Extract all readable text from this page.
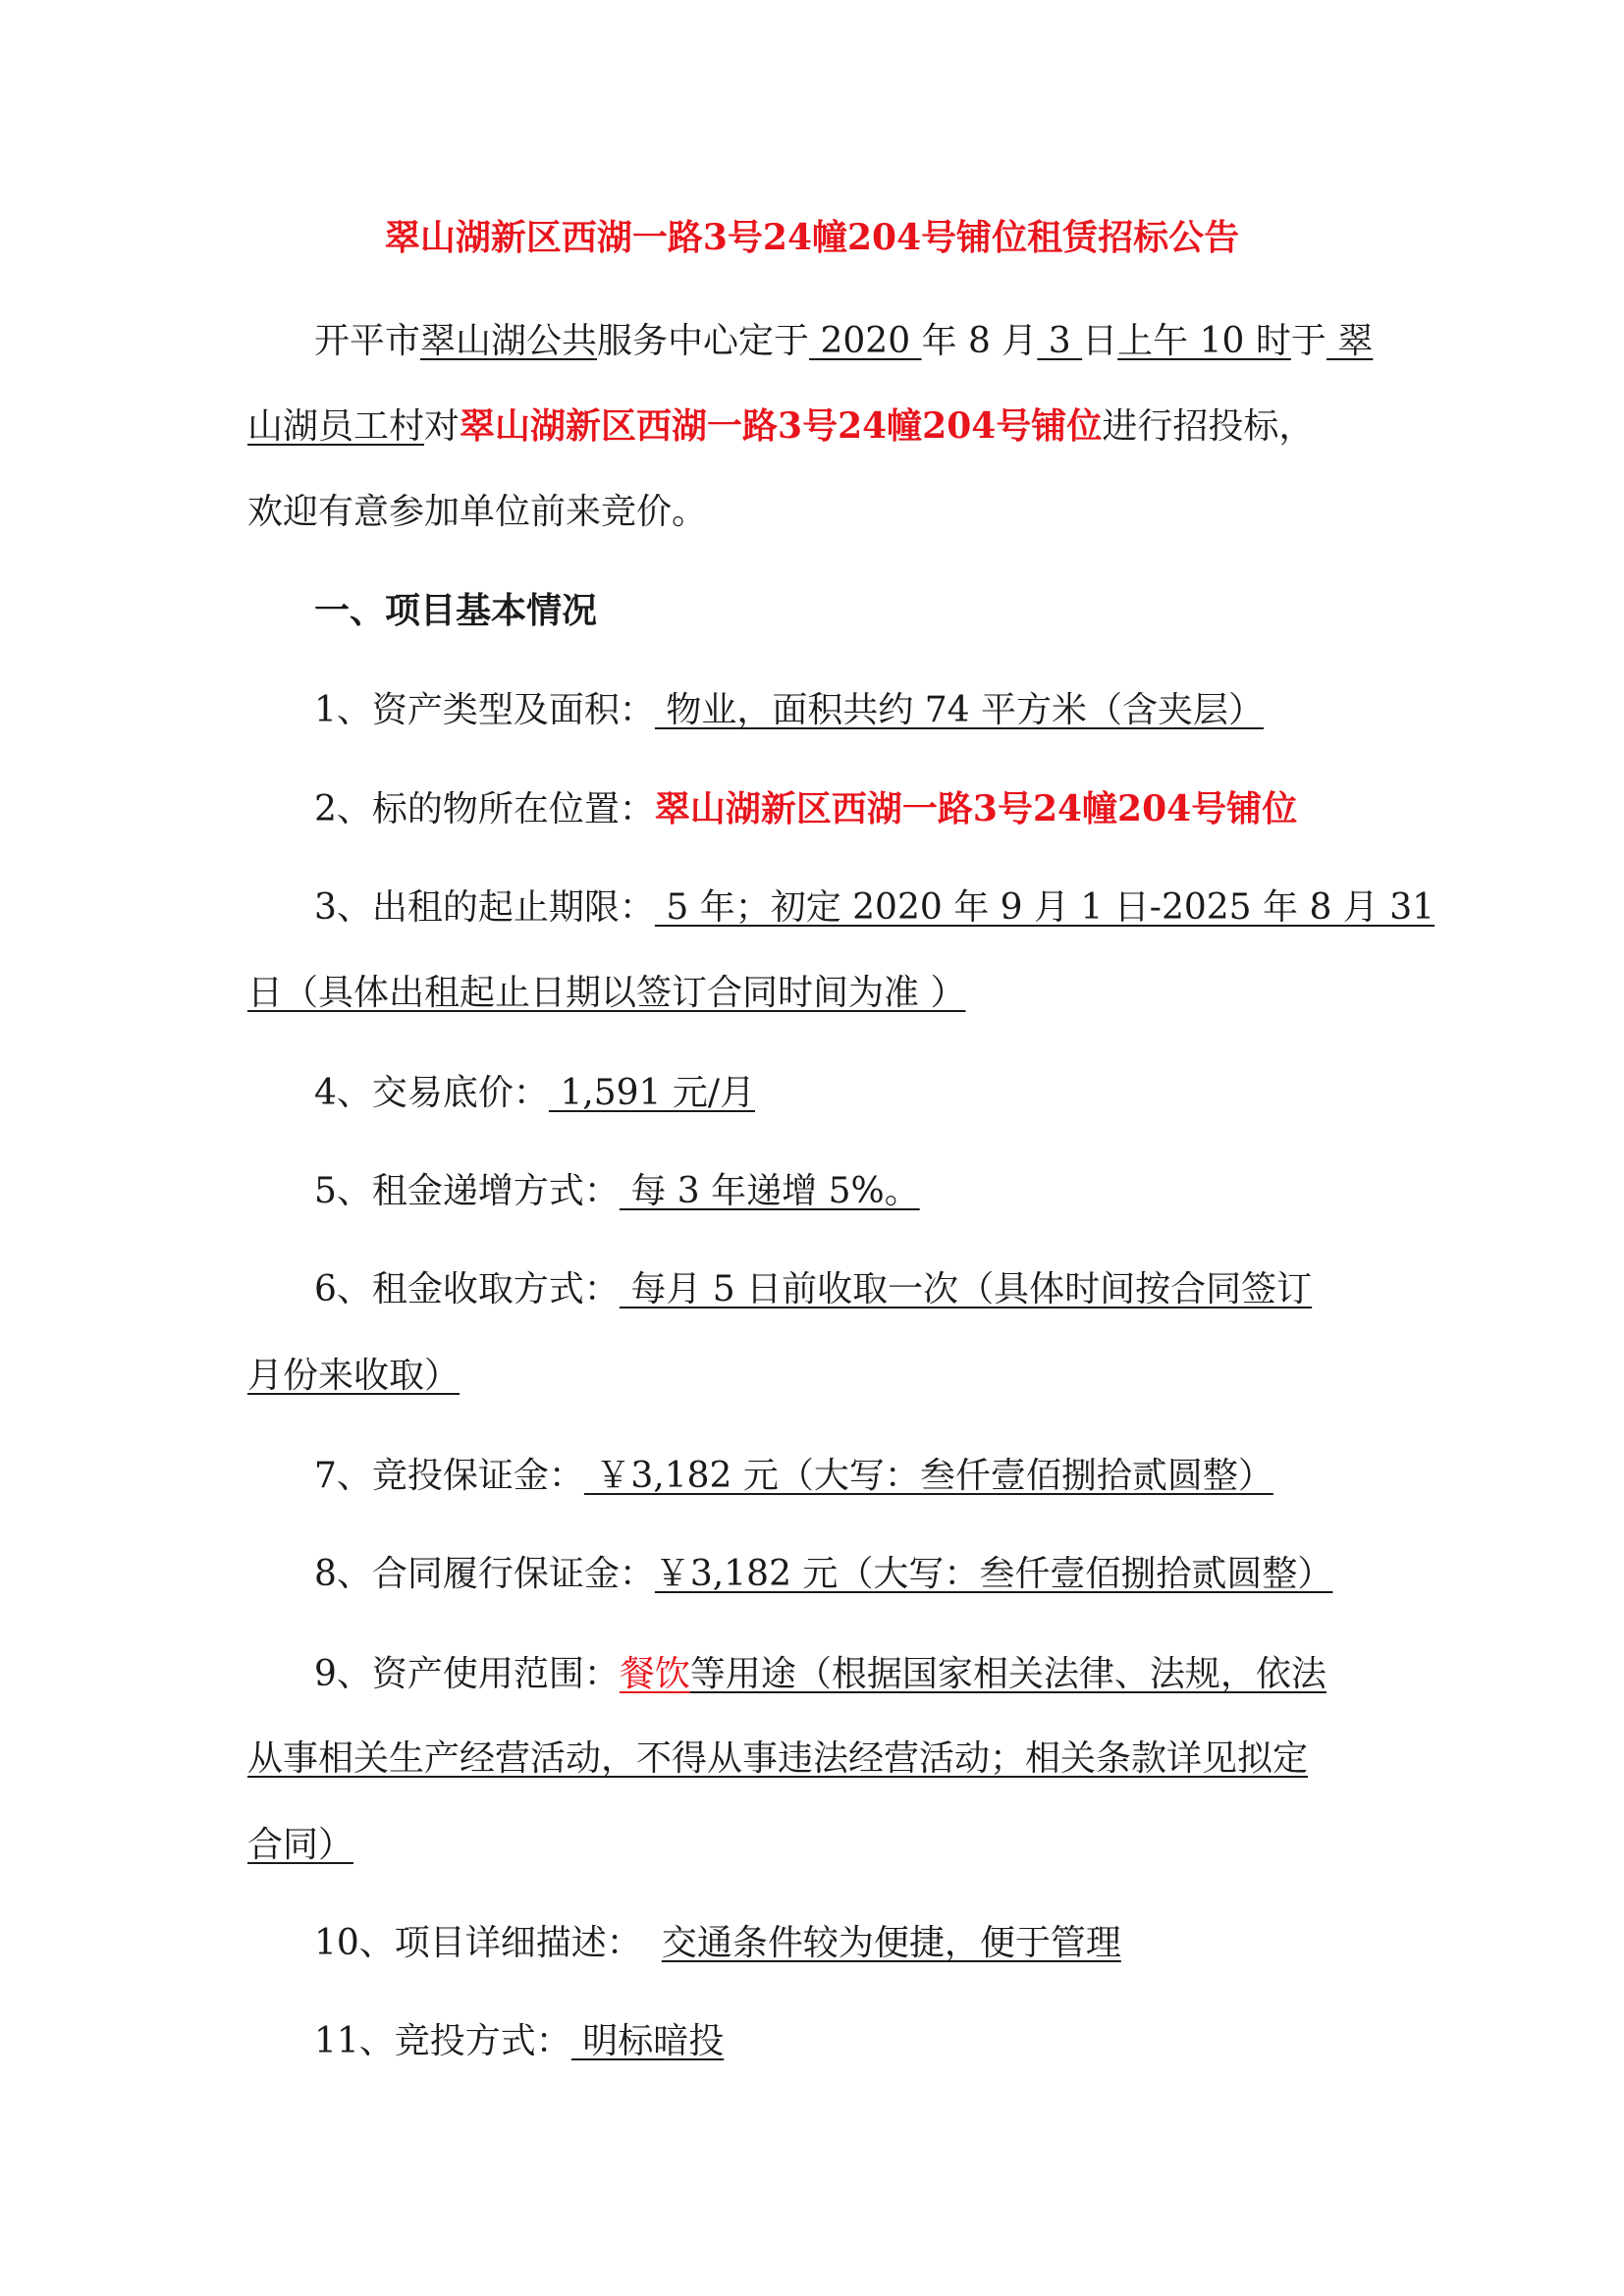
翠山湖新区西湖一路3号24幢204号铺位租赁招标公告
开平市翠山湖公共服务中心定于 2020 年 8 月 3 日上午 10 时于 翠
山湖员工村对翠山湖新区西湖一路3号24幢204号铺位进行招投标，
欢迎有意参加单位前来竞价。
一、项目基本情况
1、资产类型及面积： 物业，面积共约 74 平方米（含夹层）
2、标的物所在位置：翠山湖新区西湖一路3号24幢204号铺位
3、出租的起止期限： 5 年；初定 2020 年 9 月 1 日-2025 年 8 月 31
日（具体出租起止日期以签订合同时间为准 ）
4、交易底价： 1,591 元/月
5、租金递增方式： 每 3 年递增 5%。
6、租金收取方式： 每月 5 日前收取一次（具体时间按合同签订
月份来收取）
7、竞投保证金： ￥3,182 元（大写：叁仟壹佰捌拾贰圆整）
8、合同履行保证金：￥3,182 元（大写：叁仟壹佰捌拾贰圆整）
9、资产使用范围：餐饮等用途（根据国家相关法律、法规，依法
从事相关生产经营活动，不得从事违法经营活动；相关条款详见拟定
合同）
10、项目详细描述： 交通条件较为便捷，便于管理
11、竞投方式： 明标暗投
